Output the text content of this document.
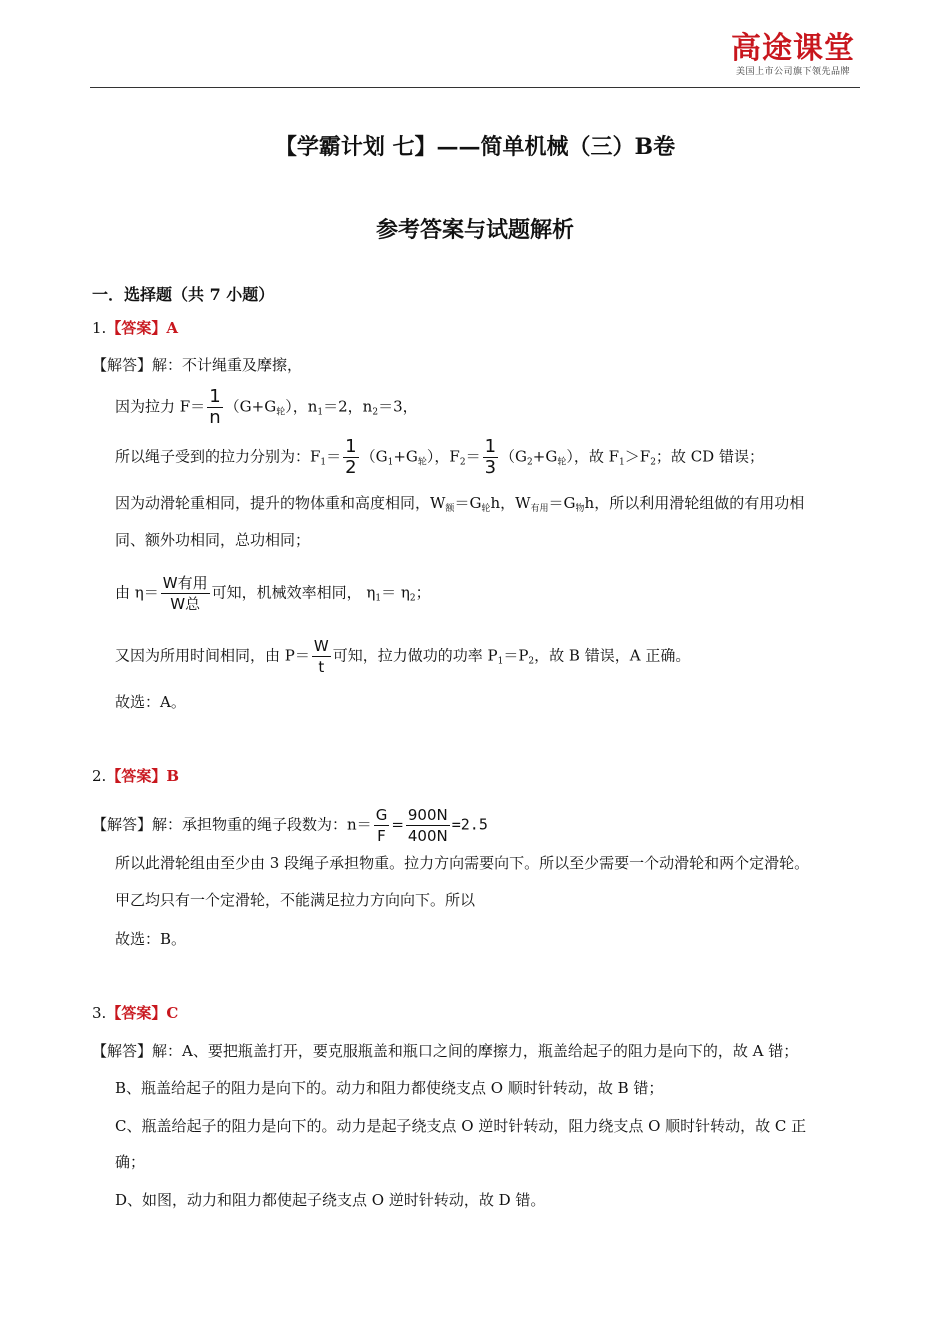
高途课堂
美国上市公司旗下领先品牌
【学霸计划 七】——简单机械（三）B卷
参考答案与试题解析
一．选择题（共 7 小题）
1.【答案】A
【解答】解：不计绳重及摩擦，
因为拉力 $F= \frac{1}{n} (G+G_轮)$，$n_1=2$，$n_2=3$，
所以绳子受到的拉力分别为：$F_1= \frac{1}{2} (G_1+G_轮)$，$F_2= \frac{1}{3} (G_2+G_轮)$，故 $F_1>F_2$；故 CD 错误；
因为动滑轮重相同，提升的物体重和高度相同，$W_额=G_轮h$，$W_{有用}=G_物h$，所以利用滑轮组做的有用功相
同、额外功相同，总功相同；
由 $\eta= \frac{\text{W有用}}{\text{W总}}$ 可知，机械效率相同， $\eta_1= \eta_2$；
又因为所用时间相同，由 $P= \frac{W}{t}$ 可知，拉力做功的功率 $P_1=P_2$，故 B 错误，A 正确。
故选：A。
2.【答案】B
【解答】解：承担物重的绳子段数为：$n= \frac{G}{F} = \frac{900N}{400N} =2.5$
所以此滑轮组由至少由 3 段绳子承担物重。拉力方向需要向下。所以至少需要一个动滑轮和两个定滑轮。
甲乙均只有一个定滑轮，不能满足拉力方向向下。所以
故选：B。
3.【答案】C
【解答】解：A、要把瓶盖打开，要克服瓶盖和瓶口之间的摩擦力，瓶盖给起子的阻力是向下的，故 A 错；
B、瓶盖给起子的阻力是向下的。动力和阻力都使绕支点 O 顺时针转动，故 B 错；
C、瓶盖给起子的阻力是向下的。动力是起子绕支点 O 逆时针转动，阻力绕支点 O 顺时针转动，故 C 正
确；
D、如图，动力和阻力都使起子绕支点 O 逆时针转动，故 D 错。
